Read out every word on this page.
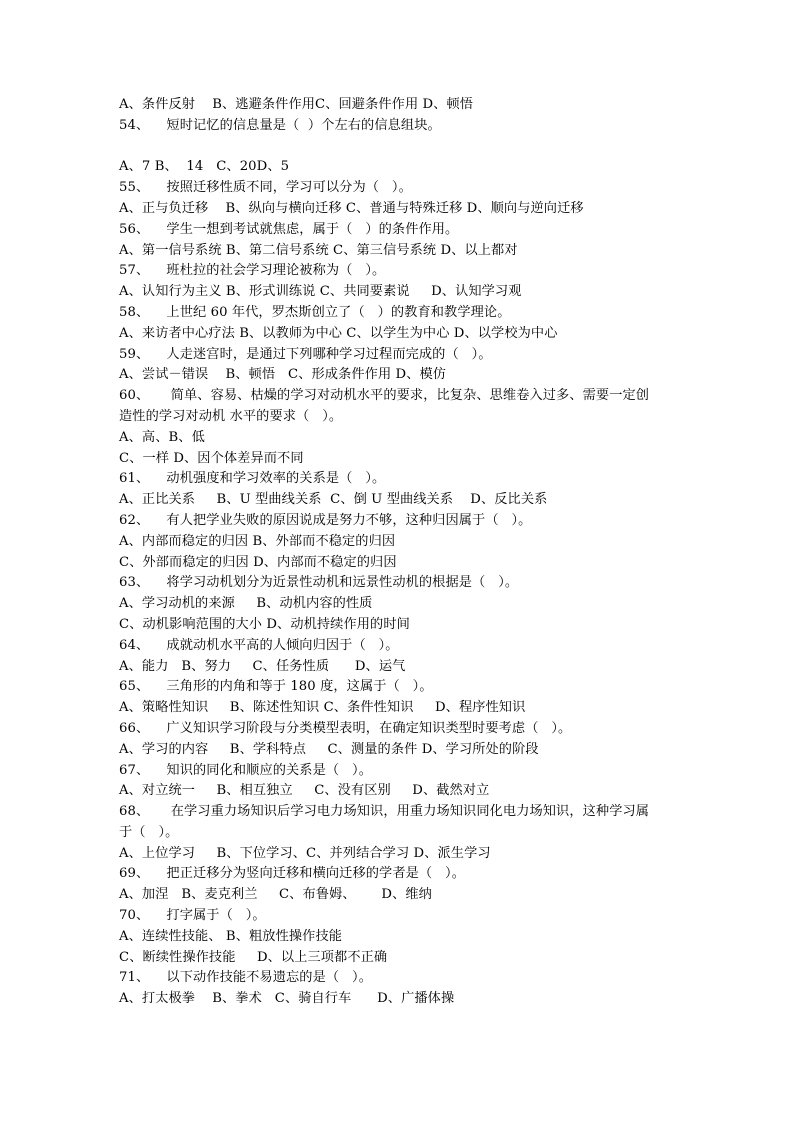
A、条件反射    B、逃避条件作用C、回避条件作用 D、顿悟
54、    短时记忆的信息量是（  ）个左右的信息组块。
A、7 B、  14   C、20D、5
55、    按照迁移性质不同，学习可以分为（   ）。
A、正与负迁移    B、纵向与横向迁移 C、普通与特殊迁移 D、顺向与逆向迁移
56、    学生一想到考试就焦虑，属于（   ）的条件作用。
A、第一信号系统 B、第二信号系统 C、第三信号系统 D、以上都对
57、    班杜拉的社会学习理论被称为（   ）。
A、认知行为主义 B、形式训练说 C、共同要素说     D、认知学习观
58、    上世纪 60 年代，罗杰斯创立了（   ）的教育和教学理论。
A、来访者中心疗法 B、以教师为中心 C、以学生为中心 D、以学校为中心
59、    人走迷宫时，是通过下列哪种学习过程而完成的（   ）。
A、尝试－错误    B、顿悟   C、形成条件作用 D、模仿
60、     简单、容易、枯燥的学习对动机水平的要求，比复杂、思维卷入过多、需要一定创
造性的学习对动机 水平的要求（   ）。
A、高、B、低
C、一样 D、因个体差异而不同
61、    动机强度和学习效率的关系是（   ）。
A、正比关系     B、U 型曲线关系  C、倒 U 型曲线关系    D、反比关系
62、    有人把学业失败的原因说成是努力不够，这种归因属于（   ）。
A、内部而稳定的归因 B、外部而不稳定的归因
C、外部而稳定的归因 D、内部而不稳定的归因
63、    将学习动机划分为近景性动机和远景性动机的根据是（   ）。
A、学习动机的来源     B、动机内容的性质
C、动机影响范围的大小 D、动机持续作用的时间
64、    成就动机水平高的人倾向归因于（   ）。
A、能力   B、努力     C、任务性质      D、运气
65、    三角形的内角和等于 180 度，这属于（   ）。
A、策略性知识     B、陈述性知识 C、条件性知识     D、程序性知识
66、    广义知识学习阶段与分类模型表明，在确定知识类型时要考虑（   ）。
A、学习的内容     B、学科特点     C、测量的条件 D、学习所处的阶段
67、    知识的同化和顺应的关系是（   ）。
A、对立统一     B、相互独立     C、没有区别     D、截然对立
68、     在学习重力场知识后学习电力场知识，用重力场知识同化电力场知识，这种学习属
于（   ）。
A、上位学习     B、下位学习、C、并列结合学习 D、派生学习
69、    把正迁移分为竖向迁移和横向迁移的学者是（   ）。
A、加涅   B、麦克利兰     C、布鲁姆、      D、维纳
70、    打字属于（   ）。
A、连续性技能、 B、粗放性操作技能
C、断续性操作技能     D、以上三项都不正确
71、    以下动作技能不易遗忘的是（   ）。
A、打太极拳    B、拳术   C、骑自行车      D、广播体操
